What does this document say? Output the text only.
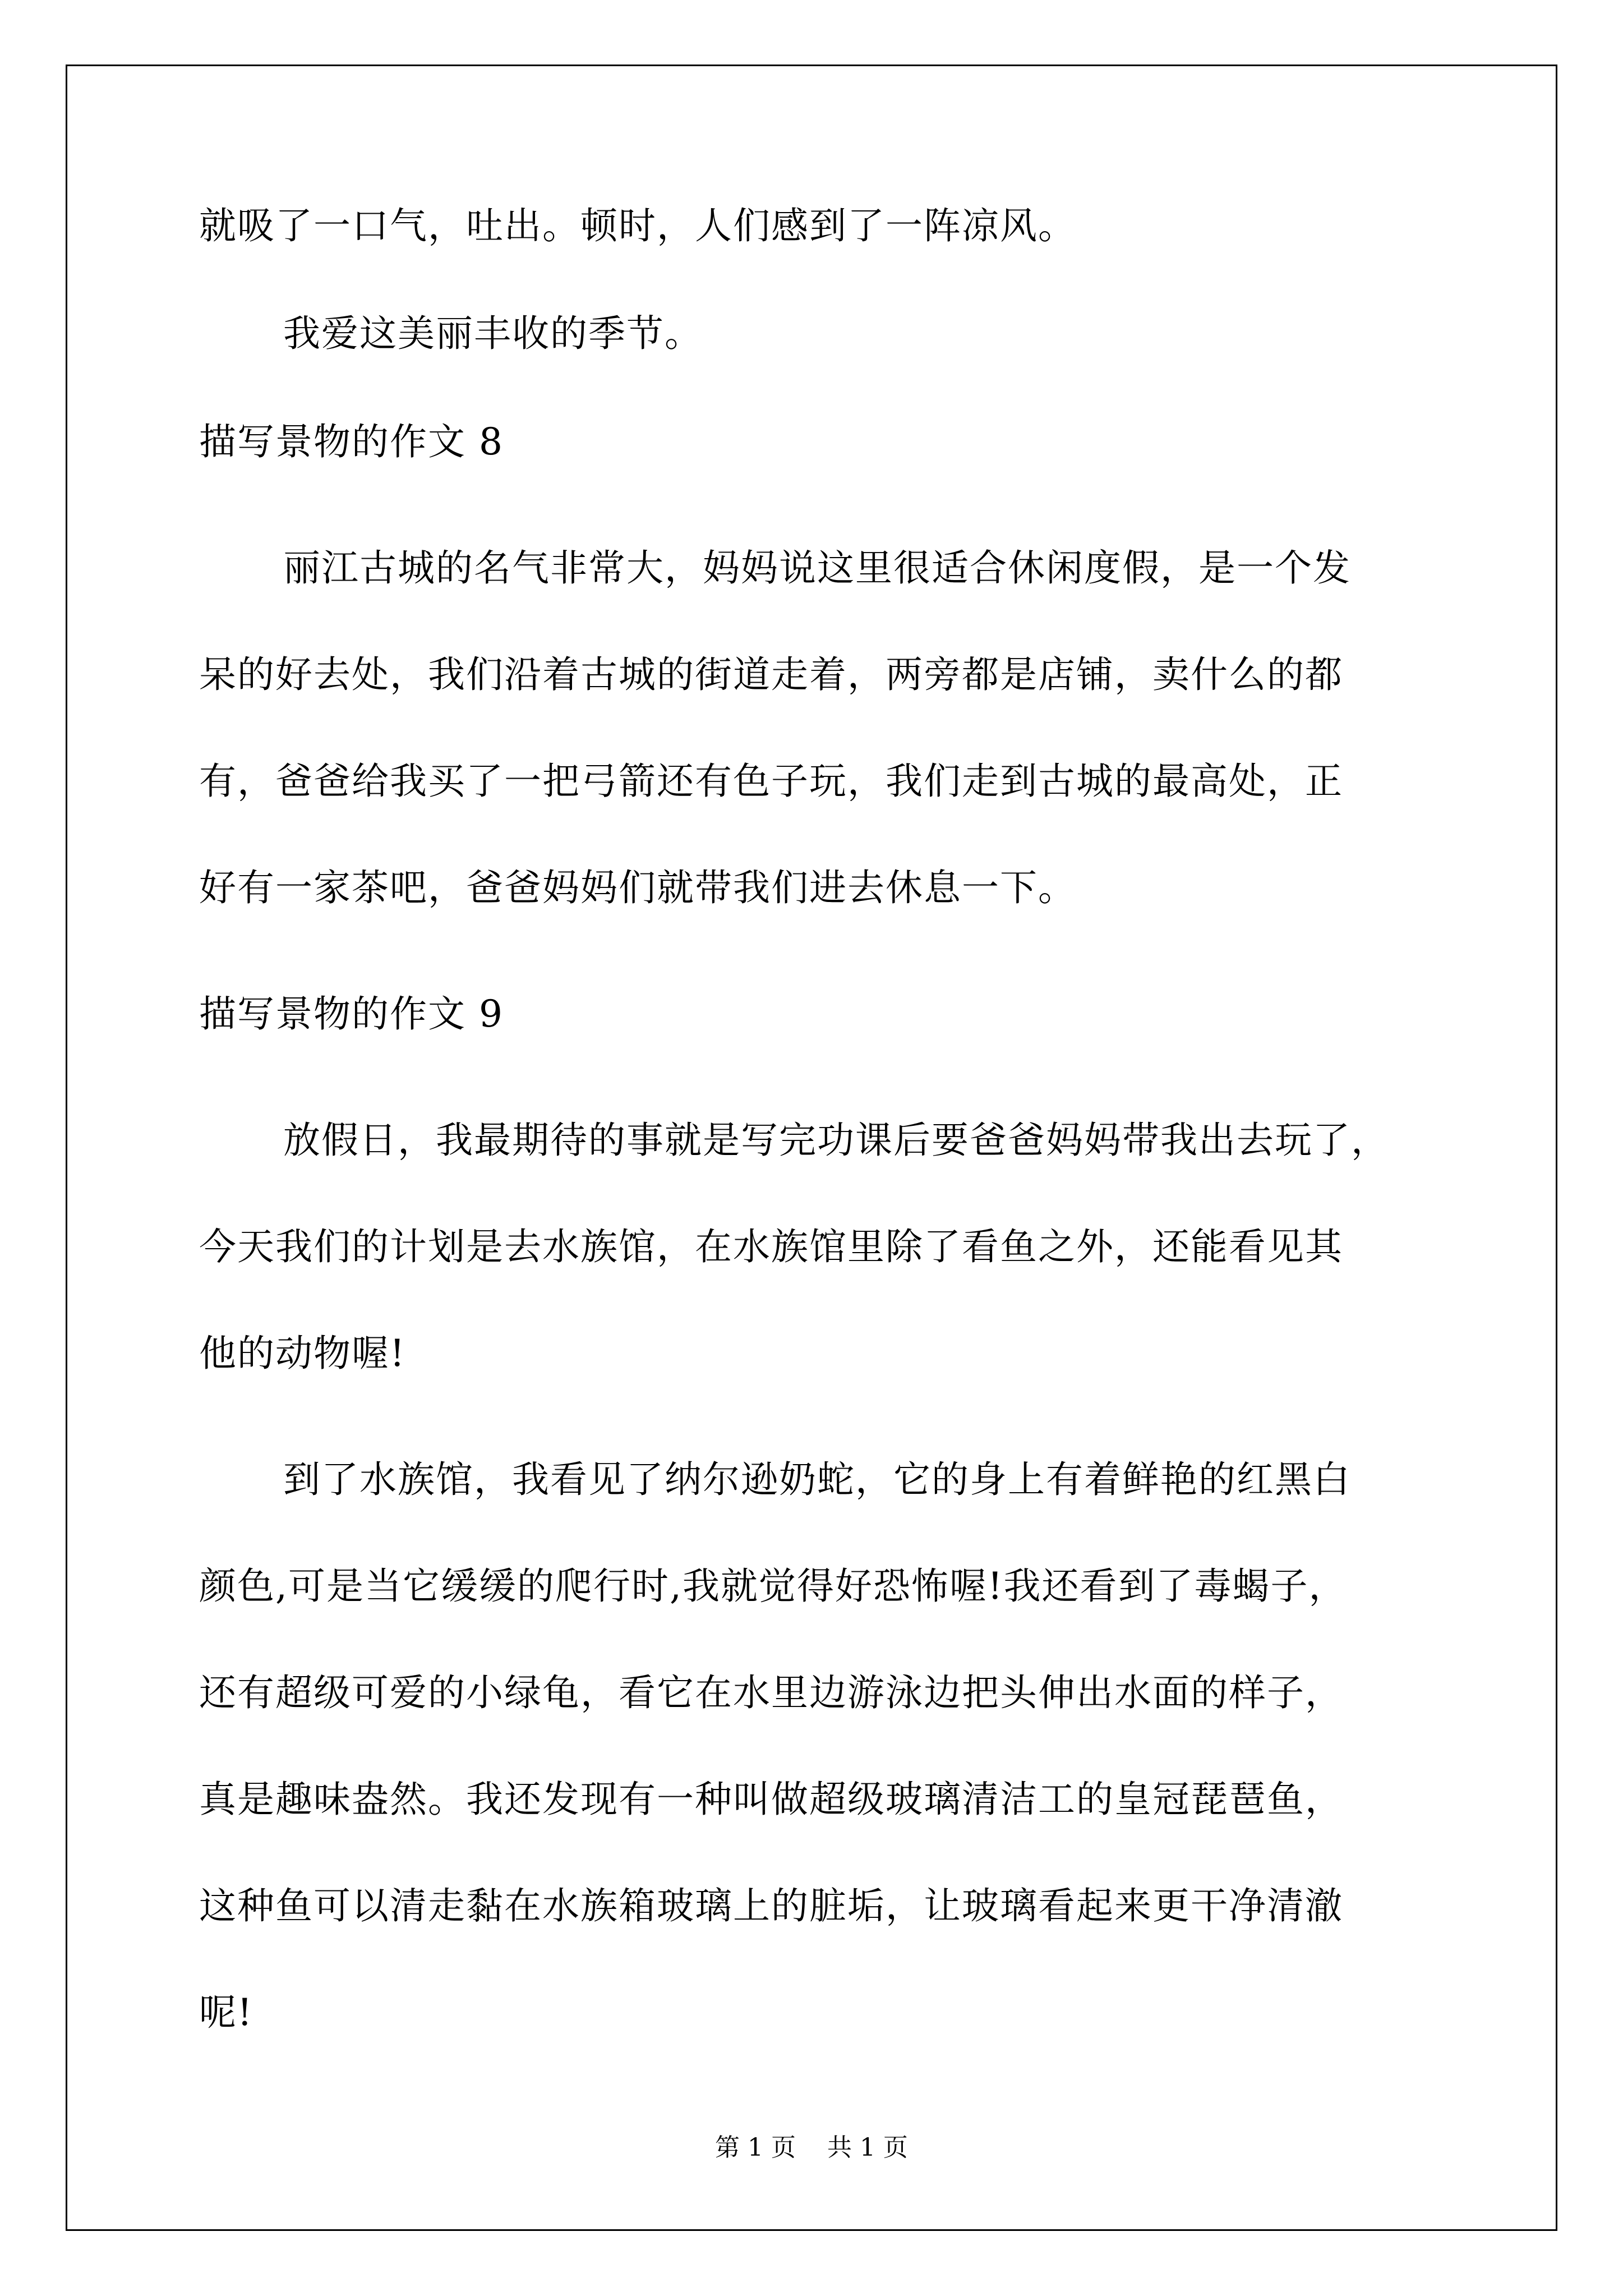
就吸了一口气，吐出。顿时，人们感到了一阵凉风。
我爱这美丽丰收的季节。
描写景物的作文 8
丽江古城的名气非常大，妈妈说这里很适合休闲度假，是一个发
呆的好去处，我们沿着古城的街道走着，两旁都是店铺，卖什么的都
有，爸爸给我买了一把弓箭还有色子玩，我们走到古城的最高处，正
好有一家茶吧，爸爸妈妈们就带我们进去休息一下。
描写景物的作文 9
放假日，我最期待的事就是写完功课后要爸爸妈妈带我出去玩了，
今天我们的计划是去水族馆，在水族馆里除了看鱼之外，还能看见其
他的动物喔!
到了水族馆，我看见了纳尔逊奶蛇，它的身上有着鲜艳的红黑白
颜色,可是当它缓缓的爬行时,我就觉得好恐怖喔!我还看到了毒蝎子，
还有超级可爱的小绿龟，看它在水里边游泳边把头伸出水面的样子，
真是趣味盎然。我还发现有一种叫做超级玻璃清洁工的皇冠琵琶鱼，
这种鱼可以清走黏在水族箱玻璃上的脏垢，让玻璃看起来更干净清澈
呢!
第 1 页    共 1 页
